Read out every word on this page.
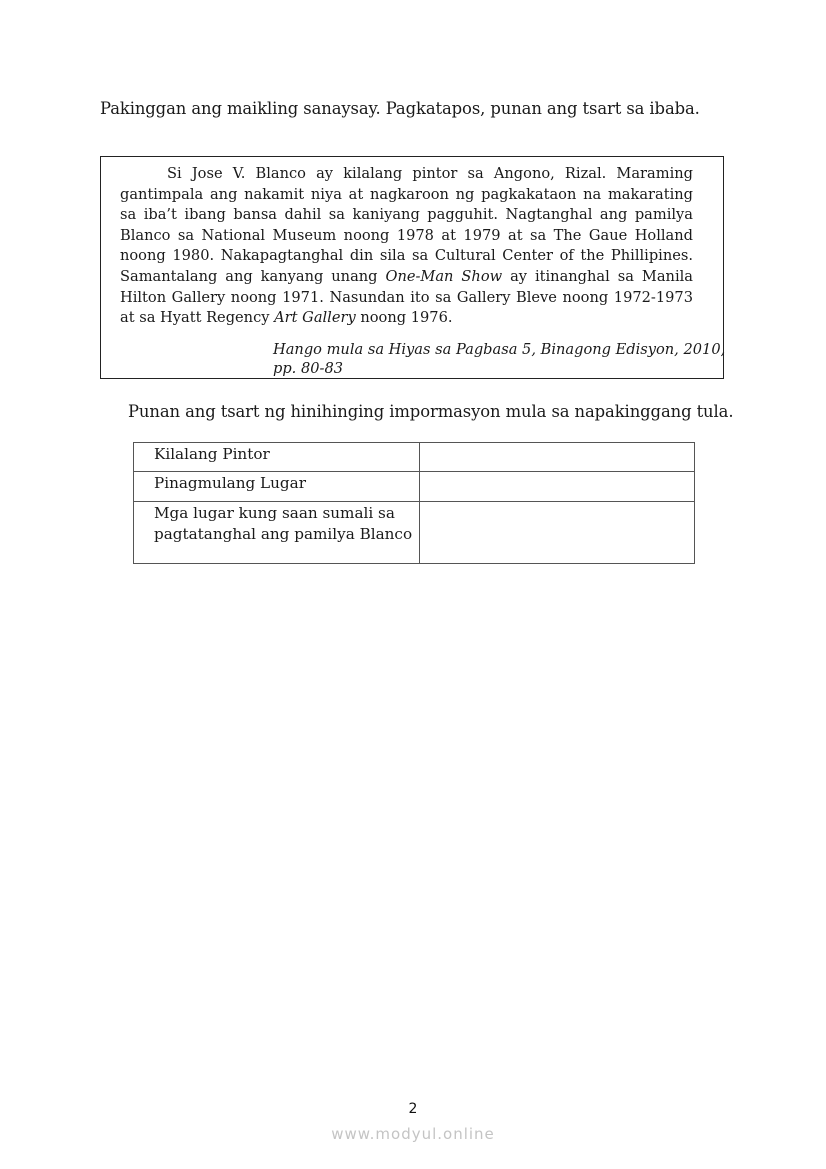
Pakinggan ang maikling sanaysay. Pagkatapos, punan ang tsart sa ibaba.

Si Jose V. Blanco ay kilalang pintor sa Angono, Rizal. Maraming gantimpala ang nakamit niya at nagkaroon ng pagkakataon na makarating sa iba’t ibang bansa dahil sa kaniyang pagguhit. Nagtanghal ang pamilya Blanco sa National Museum noong 1978 at 1979 at sa The Gaue Holland noong 1980. Nakapagtanghal din sila sa Cultural Center of the Phillipines. Samantalang ang kanyang unang One-Man Show ay itinanghal sa Manila Hilton Gallery noong 1971. Nasundan ito sa Gallery Bleve noong 1972-1973 at sa Hyatt Regency Art Gallery noong 1976.

Hango mula sa Hiyas sa Pagbasa 5, Binagong Edisyon, 2010, pp. 80-83

Punan ang tsart ng hinihinging impormasyon mula sa napakinggang tula.
Kilalang Pintor	
Pinagmulang Lugar	
Mga lugar kung saan sumali sa pagtatanghal ang pamilya Blanco	
2
www.modyul.online
